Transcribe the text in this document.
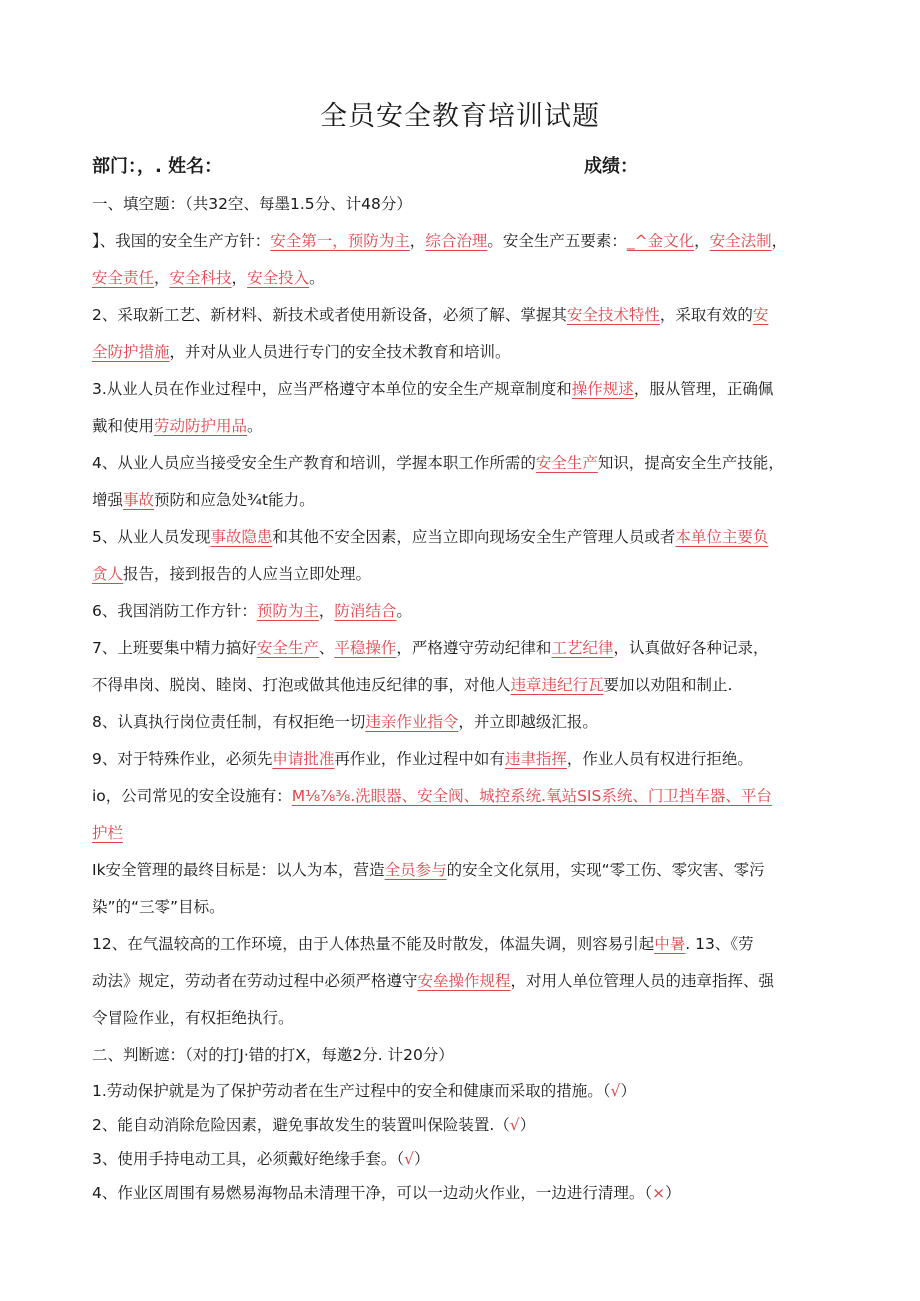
全员安全教育培训试题
部门：，. 姓名：	成绩：
一、填空题：（共32空、每墨1.5分、计48分）
】、我国的安全生产方针：安全第一，预防为主，综合治理。安全生产五要素：_^金文化，安全法制，
安全责任，安全科技，安全投入。
2、采取新工艺、新材料、新技术或者使用新设备，必须了解、掌握其安全技术特性，采取有效的安
全防护措施，并对从业人员进行专门的安全技术教育和培训。
3.从业人员在作业过程中，应当严格遵守本单位的安全生产规章制度和操作规逑，服从管理，正确佩
戴和使用劳动防护用品。
4、从业人员应当接受安全生产教育和培训，学握本职工作所需的安全生产知识，提高安全生产技能，
增强事故预防和应急处¾t能力。
5、从业人员发现事故隐患和其他不安全因素，应当立即向现场安全生产管理人员或者本单位主要负
贪人报告，接到报告的人应当立即处理。
6、我国消防工作方针：预防为主，防消结合。
7、上班要集中精力搞好安全生产、平稳操作，严格遵守劳动纪律和工艺纪律，认真做好各种记录，
不得串岗、脱岗、睦岗、打泡或做其他违反纪律的事，对他人违章违纪行瓦要加以劝阻和制止.
8、认真执行岗位责任制，有权拒绝一切违亲作业指令，并立即越级汇报。
9、对于特殊作业，必须先申请批准再作业，作业过程中如有违聿指挥，作业人员有权进行拒绝。
io，公司常见的安全设施有：M⅛⅞⅜.洗眼器、安全阀、城控系统.氧站SIS系统、门卫挡车器、平台
护栏
Ik安全管理的最终目标是：以人为本，营造全员参与的安全文化氛用，实现“零工伤、零灾害、零污
染”的“三零”目标。
12、在气温较高的工作环境，由于人体热量不能及时散发，体温失调，则容易引起中暑. 13、《劳
动法》规定，劳动者在劳动过程中必须严格遵守安垒操作规程，对用人单位管理人员的违章指挥、强
令冒险作业，有权拒绝执行。
二、判断遮：（对的打J·错的打X，每邀2分. 计20分）
1.劳动保护就是为了保护劳动者在生产过程中的安全和健康而采取的措施。（√）
2、能自动消除危险因素，避免事故发生的装置叫保险装置.（√）
3、使用手持电动工具，必须戴好绝缘手套。（√）
4、作业区周围有易燃易海物品未清理干净，可以一边动火作业，一边进行清理。（×）
